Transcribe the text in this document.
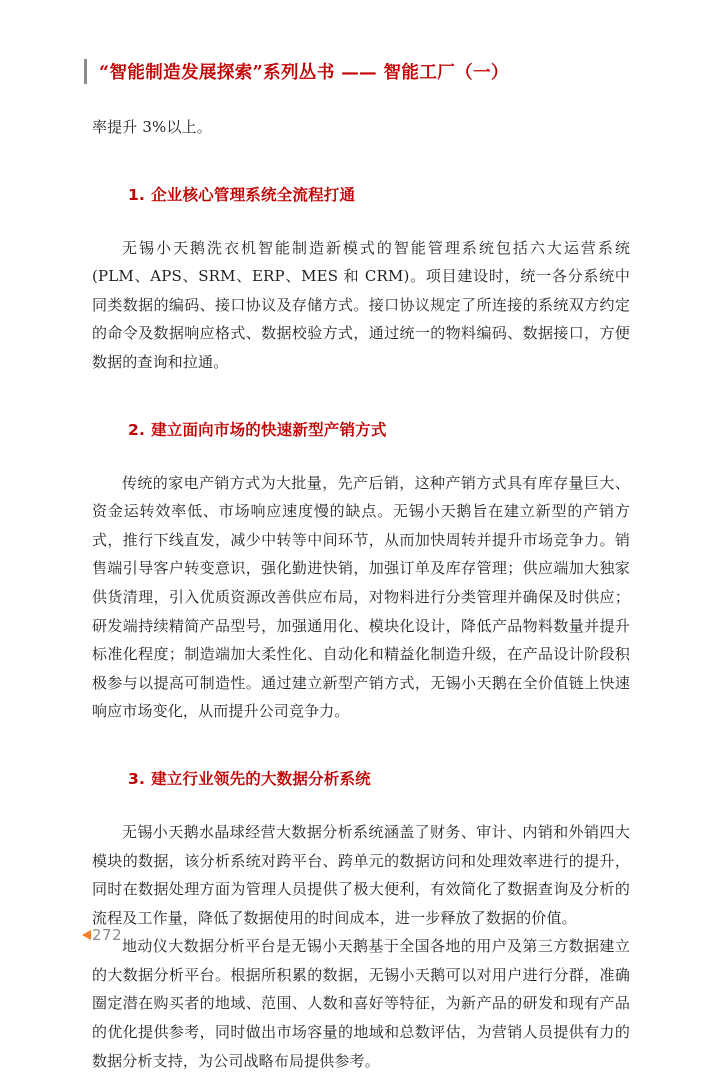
“智能制造发展探索”系列丛书 —— 智能工厂（一）

率提升 3%以上。

1. 企业核心管理系统全流程打通

无锡小天鹅洗衣机智能制造新模式的智能管理系统包括六大运营系统(PLM、APS、SRM、ERP、MES 和 CRM)。项目建设时，统一各分系统中同类数据的编码、接口协议及存储方式。接口协议规定了所连接的系统双方约定的命令及数据响应格式、数据校验方式，通过统一的物料编码、数据接口，方便数据的查询和拉通。

2. 建立面向市场的快速新型产销方式

传统的家电产销方式为大批量，先产后销，这种产销方式具有库存量巨大、资金运转效率低、市场响应速度慢的缺点。无锡小天鹅旨在建立新型的产销方式，推行下线直发，减少中转等中间环节，从而加快周转并提升市场竞争力。销售端引导客户转变意识，强化勤进快销，加强订单及库存管理；供应端加大独家供货清理，引入优质资源改善供应布局，对物料进行分类管理并确保及时供应；研发端持续精简产品型号，加强通用化、模块化设计，降低产品物料数量并提升标准化程度；制造端加大柔性化、自动化和精益化制造升级，在产品设计阶段积极参与以提高可制造性。通过建立新型产销方式，无锡小天鹅在全价值链上快速响应市场变化，从而提升公司竞争力。

3. 建立行业领先的大数据分析系统

无锡小天鹅水晶球经营大数据分析系统涵盖了财务、审计、内销和外销四大模块的数据，该分析系统对跨平台、跨单元的数据访问和处理效率进行的提升，同时在数据处理方面为管理人员提供了极大便利，有效简化了数据查询及分析的流程及工作量，降低了数据使用的时间成本，进一步释放了数据的价值。

地动仪大数据分析平台是无锡小天鹅基于全国各地的用户及第三方数据建立的大数据分析平台。根据所积累的数据，无锡小天鹅可以对用户进行分群，准确圈定潜在购买者的地域、范围、人数和喜好等特征，为新产品的研发和现有产品的优化提供参考，同时做出市场容量的地域和总数评估，为营销人员提供有力的数据分析支持，为公司战略布局提供参考。

272
